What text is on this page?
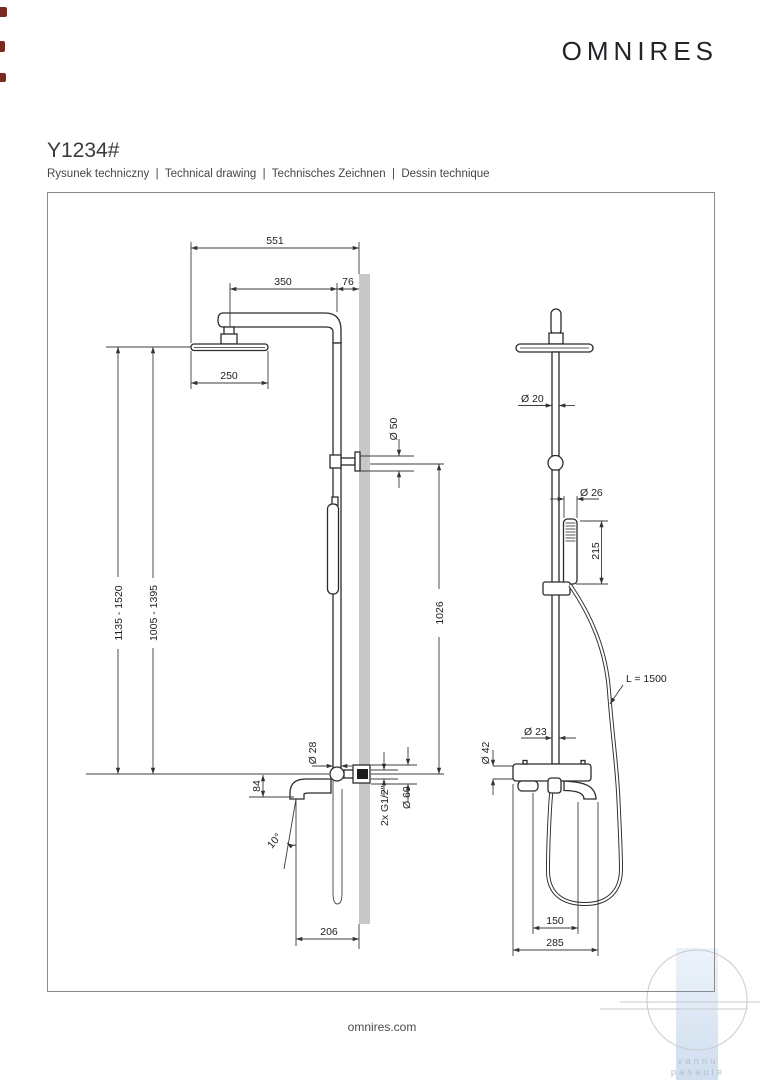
OMNIRES
Y1234#
Rysunek techniczny  |  Technical drawing  |  Technisches Zeichnen  |  Dessin technique
vannu
pasaule
551
350	76
250
1135 - 1520 1005 - 1395
Ø 50
1026
Ø 28
84
10°
2x G1/2" Ø 60
206
Ø 20
Ø 26
215
L = 1500
Ø 23
Ø 42
150
285
omnires.com
